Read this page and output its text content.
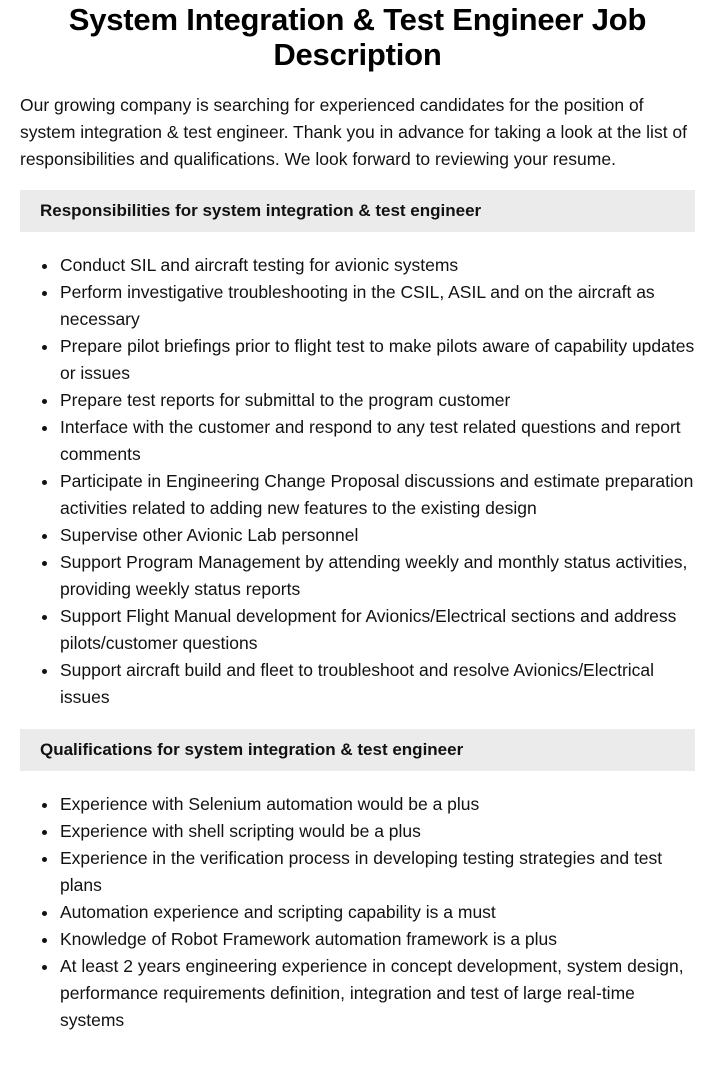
System Integration & Test Engineer Job Description

Our growing company is searching for experienced candidates for the position of system integration & test engineer. Thank you in advance for taking a look at the list of responsibilities and qualifications. We look forward to reviewing your resume.

Responsibilities for system integration & test engineer
Conduct SIL and aircraft testing for avionic systems
Perform investigative troubleshooting in the CSIL, ASIL and on the aircraft as necessary
Prepare pilot briefings prior to flight test to make pilots aware of capability updates or issues
Prepare test reports for submittal to the program customer
Interface with the customer and respond to any test related questions and report comments
Participate in Engineering Change Proposal discussions and estimate preparation activities related to adding new features to the existing design
Supervise other Avionic Lab personnel
Support Program Management by attending weekly and monthly status activities, providing weekly status reports
Support Flight Manual development for Avionics/Electrical sections and address pilots/customer questions
Support aircraft build and fleet to troubleshoot and resolve Avionics/Electrical issues
Qualifications for system integration & test engineer
Experience with Selenium automation would be a plus
Experience with shell scripting would be a plus
Experience in the verification process in developing testing strategies and test plans
Automation experience and scripting capability is a must
Knowledge of Robot Framework automation framework is a plus
At least 2 years engineering experience in concept development, system design, performance requirements definition, integration and test of large real-time systems
